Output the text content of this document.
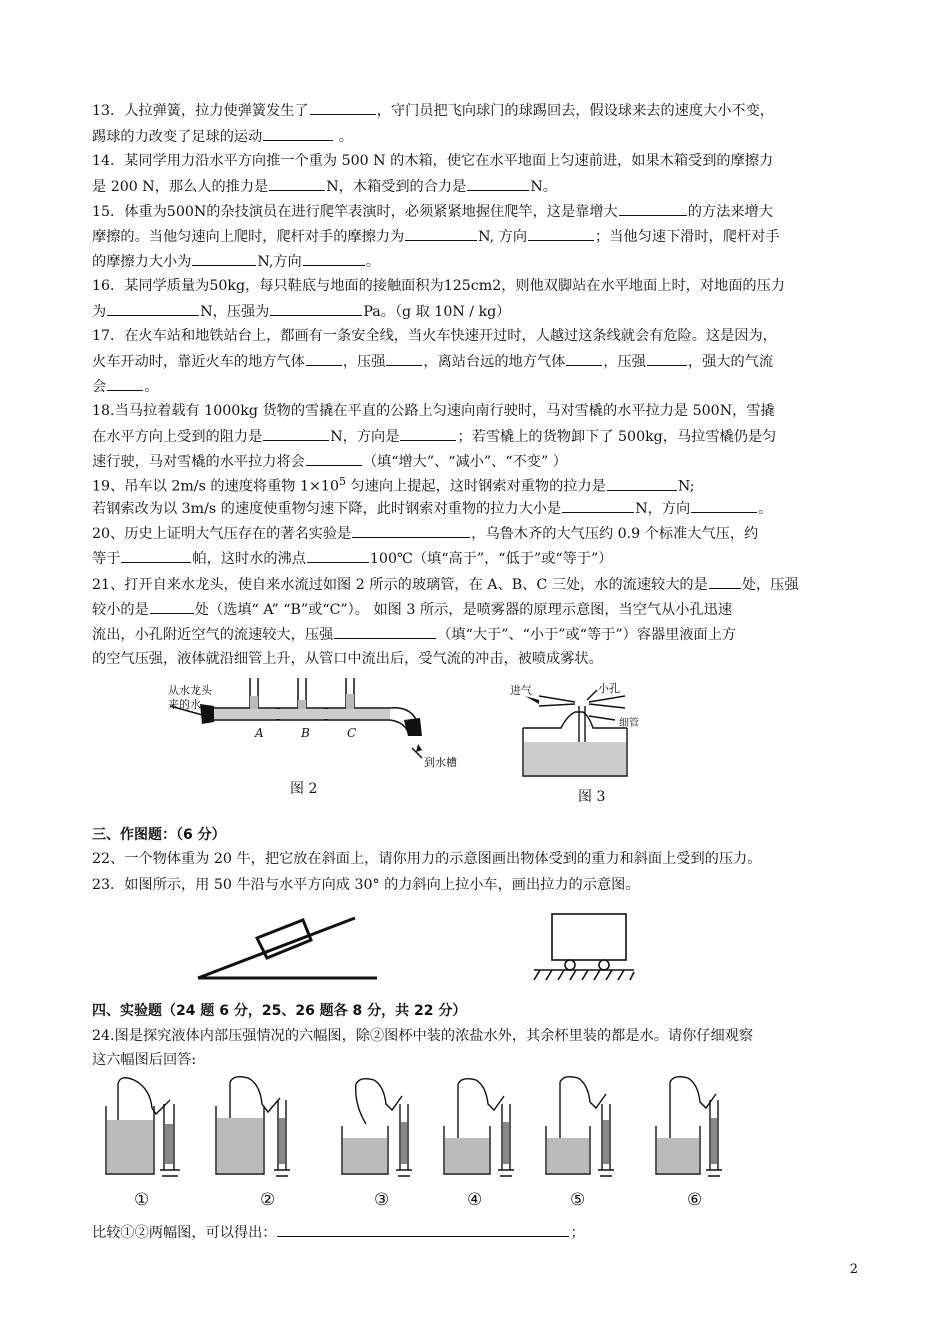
13．人拉弹簧，拉力使弹簧发生了	，守门员把飞向球门的球踢回去，假设球来去的速度大小不变，
踢球的力改变了足球的运动	。
14．某同学用力沿水平方向推一个重为 500 N 的木箱，使它在水平地面上匀速前进，如果木箱受到的摩擦力
是 200 N，那么人的推力是	N，木箱受到的合力是	N。
15．体重为500N的杂技演员在进行爬竿表演时，必须紧紧地握住爬竿，这是靠增大	的方法来增大
摩擦的。当他匀速向上爬时，爬杆对手的摩擦力为	N, 方向	；当他匀速下滑时，爬杆对手
的摩擦力大小为	N,方向	。
16．某同学质量为50kg，每只鞋底与地面的接触面积为125cm2，则他双脚站在水平地面上时，对地面的压力
为	N，压强为	Pa。（g 取 10N / kg）
17．在火车站和地铁站台上，都画有一条安全线，当火车快速开过时，人越过这条线就会有危险。这是因为，
火车开动时，靠近火车的地方气体	，压强	，离站台远的地方气体	，压强	，强大的气流
会	。
18.当马拉着载有 1000kg 货物的雪撬在平直的公路上匀速向南行驶时，马对雪橇的水平拉力是 500N，雪撬
在水平方向上受到的阻力是	N，方向是	；若雪橇上的货物卸下了 500kg，马拉雪橇仍是匀
速行驶，马对雪橇的水平拉力将会	（填“增大”、“减小”、“不变” ）
19、吊车以 2m/s 的速度将重物 $1\times 10^5$ 匀速向上提起，这时钢索对重物的拉力是	N;
若钢索改为以 3m/s 的速度使重物匀速下降，此时钢索对重物的拉力大小是	N，方向	。
20、历史上证明大气压存在的著名实验是	，乌鲁木齐的大气压约 0.9 个标准大气压，约
等于	帕，这时水的沸点	100℃（填“高于”，“低于”或“等于”）
21、打开自来水龙头，使自来水流过如图 2 所示的玻璃管，在 A、B、C 三处，水的流速较大的是 处，压强
较小的是	处（选填“ A” “B”或“C”）。 如图 3 所示，是喷雾器的原理示意图，当空气从小孔迅速
流出，小孔附近空气的流速较大，压强	（填“大于”、“小于”或“等于”）容器里液面上方
的空气压强，液体就沿细管上升，从管口中流出后，受气流的冲击，被喷成雾状。
从水龙头
来的水
A	B	C
到水槽
图 2
进气	小孔
细管
图 3
三、作图题：（6 分）
22、一个物体重为 20 牛，把它放在斜面上，请你用力的示意图画出物体受到的重力和斜面上受到的压力。
23．如图所示，用 50 牛沿与水平方向成 30° 的力斜向上拉小车，画出拉力的示意图。
四、实验题（24 题 6 分，25、26 题各 8 分，共 22 分）
24.图是探究液体内部压强情况的六幅图，除②图杯中装的浓盐水外，其余杯里装的都是水。请你仔细观察
这六幅图后回答:
①	②	③	④	⑤	⑥
比较①②两幅图，可以得出：	；
2
